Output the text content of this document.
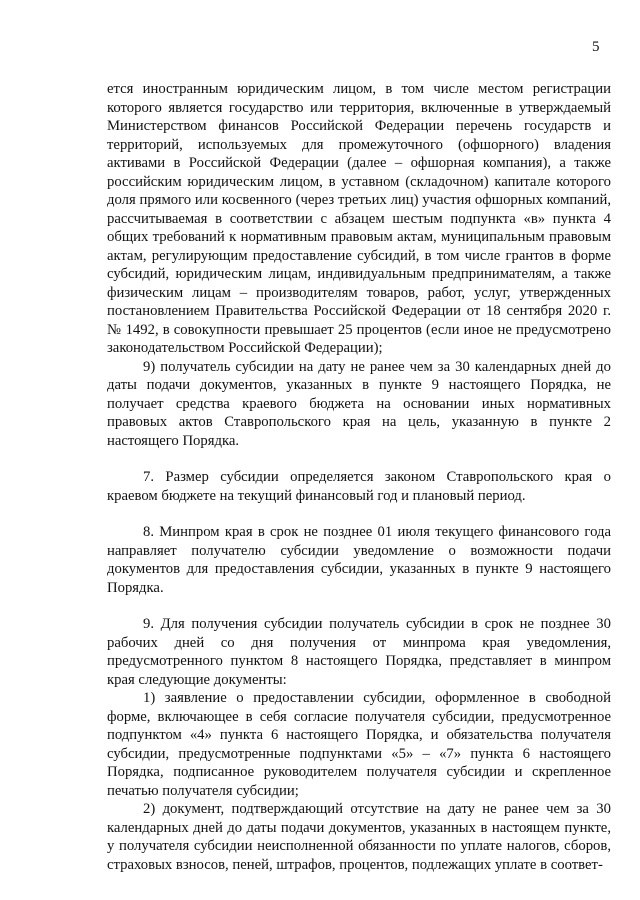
5

ется иностранным юридическим лицом, в том числе местом регистрации которого является государство или территория, включенные в утверждаемый Министерством финансов Российской Федерации перечень государств и территорий, используемых для промежуточного (офшорного) владения активами в Российской Федерации (далее – офшорная компания), а также российским юридическим лицом, в уставном (складочном) капитале которого доля прямого или косвенного (через третьих лиц) участия офшорных компаний, рассчитываемая в соответствии с абзацем шестым подпункта «в» пункта 4 общих требований к нормативным правовым актам, муниципальным правовым актам, регулирующим предоставление субсидий, в том числе грантов в форме субсидий, юридическим лицам, индивидуальным предпринимателям, а также физическим лицам – производителям товаров, работ, услуг, утвержденных постановлением Правительства Российской Федерации от 18 сентября 2020 г. № 1492, в совокупности превышает 25 процентов (если иное не предусмотрено законодательством Российской Федерации);

9) получатель субсидии на дату не ранее чем за 30 календарных дней до даты подачи документов, указанных в пункте 9 настоящего Порядка, не получает средства краевого бюджета на основании иных нормативных правовых актов Ставропольского края на цель, указанную в пункте 2 настоящего Порядка.

7. Размер субсидии определяется законом Ставропольского края о краевом бюджете на текущий финансовый год и плановый период.

8. Минпром края в срок не позднее 01 июля текущего финансового года направляет получателю субсидии уведомление о возможности подачи документов для предоставления субсидии, указанных в пункте 9 настоящего Порядка.

9. Для получения субсидии получатель субсидии в срок не позднее 30 рабочих дней со дня получения от минпрома края уведомления, предусмотренного пунктом 8 настоящего Порядка, представляет в минпром края следующие документы:

1) заявление о предоставлении субсидии, оформленное в свободной форме, включающее в себя согласие получателя субсидии, предусмотренное подпунктом «4» пункта 6 настоящего Порядка, и обязательства получателя субсидии, предусмотренные подпунктами «5» – «7» пункта 6 настоящего Порядка, подписанное руководителем получателя субсидии и скрепленное печатью получателя субсидии;

2) документ, подтверждающий отсутствие на дату не ранее чем за 30 календарных дней до даты подачи документов, указанных в настоящем пункте, у получателя субсидии неисполненной обязанности по уплате налогов, сборов, страховых взносов, пеней, штрафов, процентов, подлежащих уплате в соответ-
